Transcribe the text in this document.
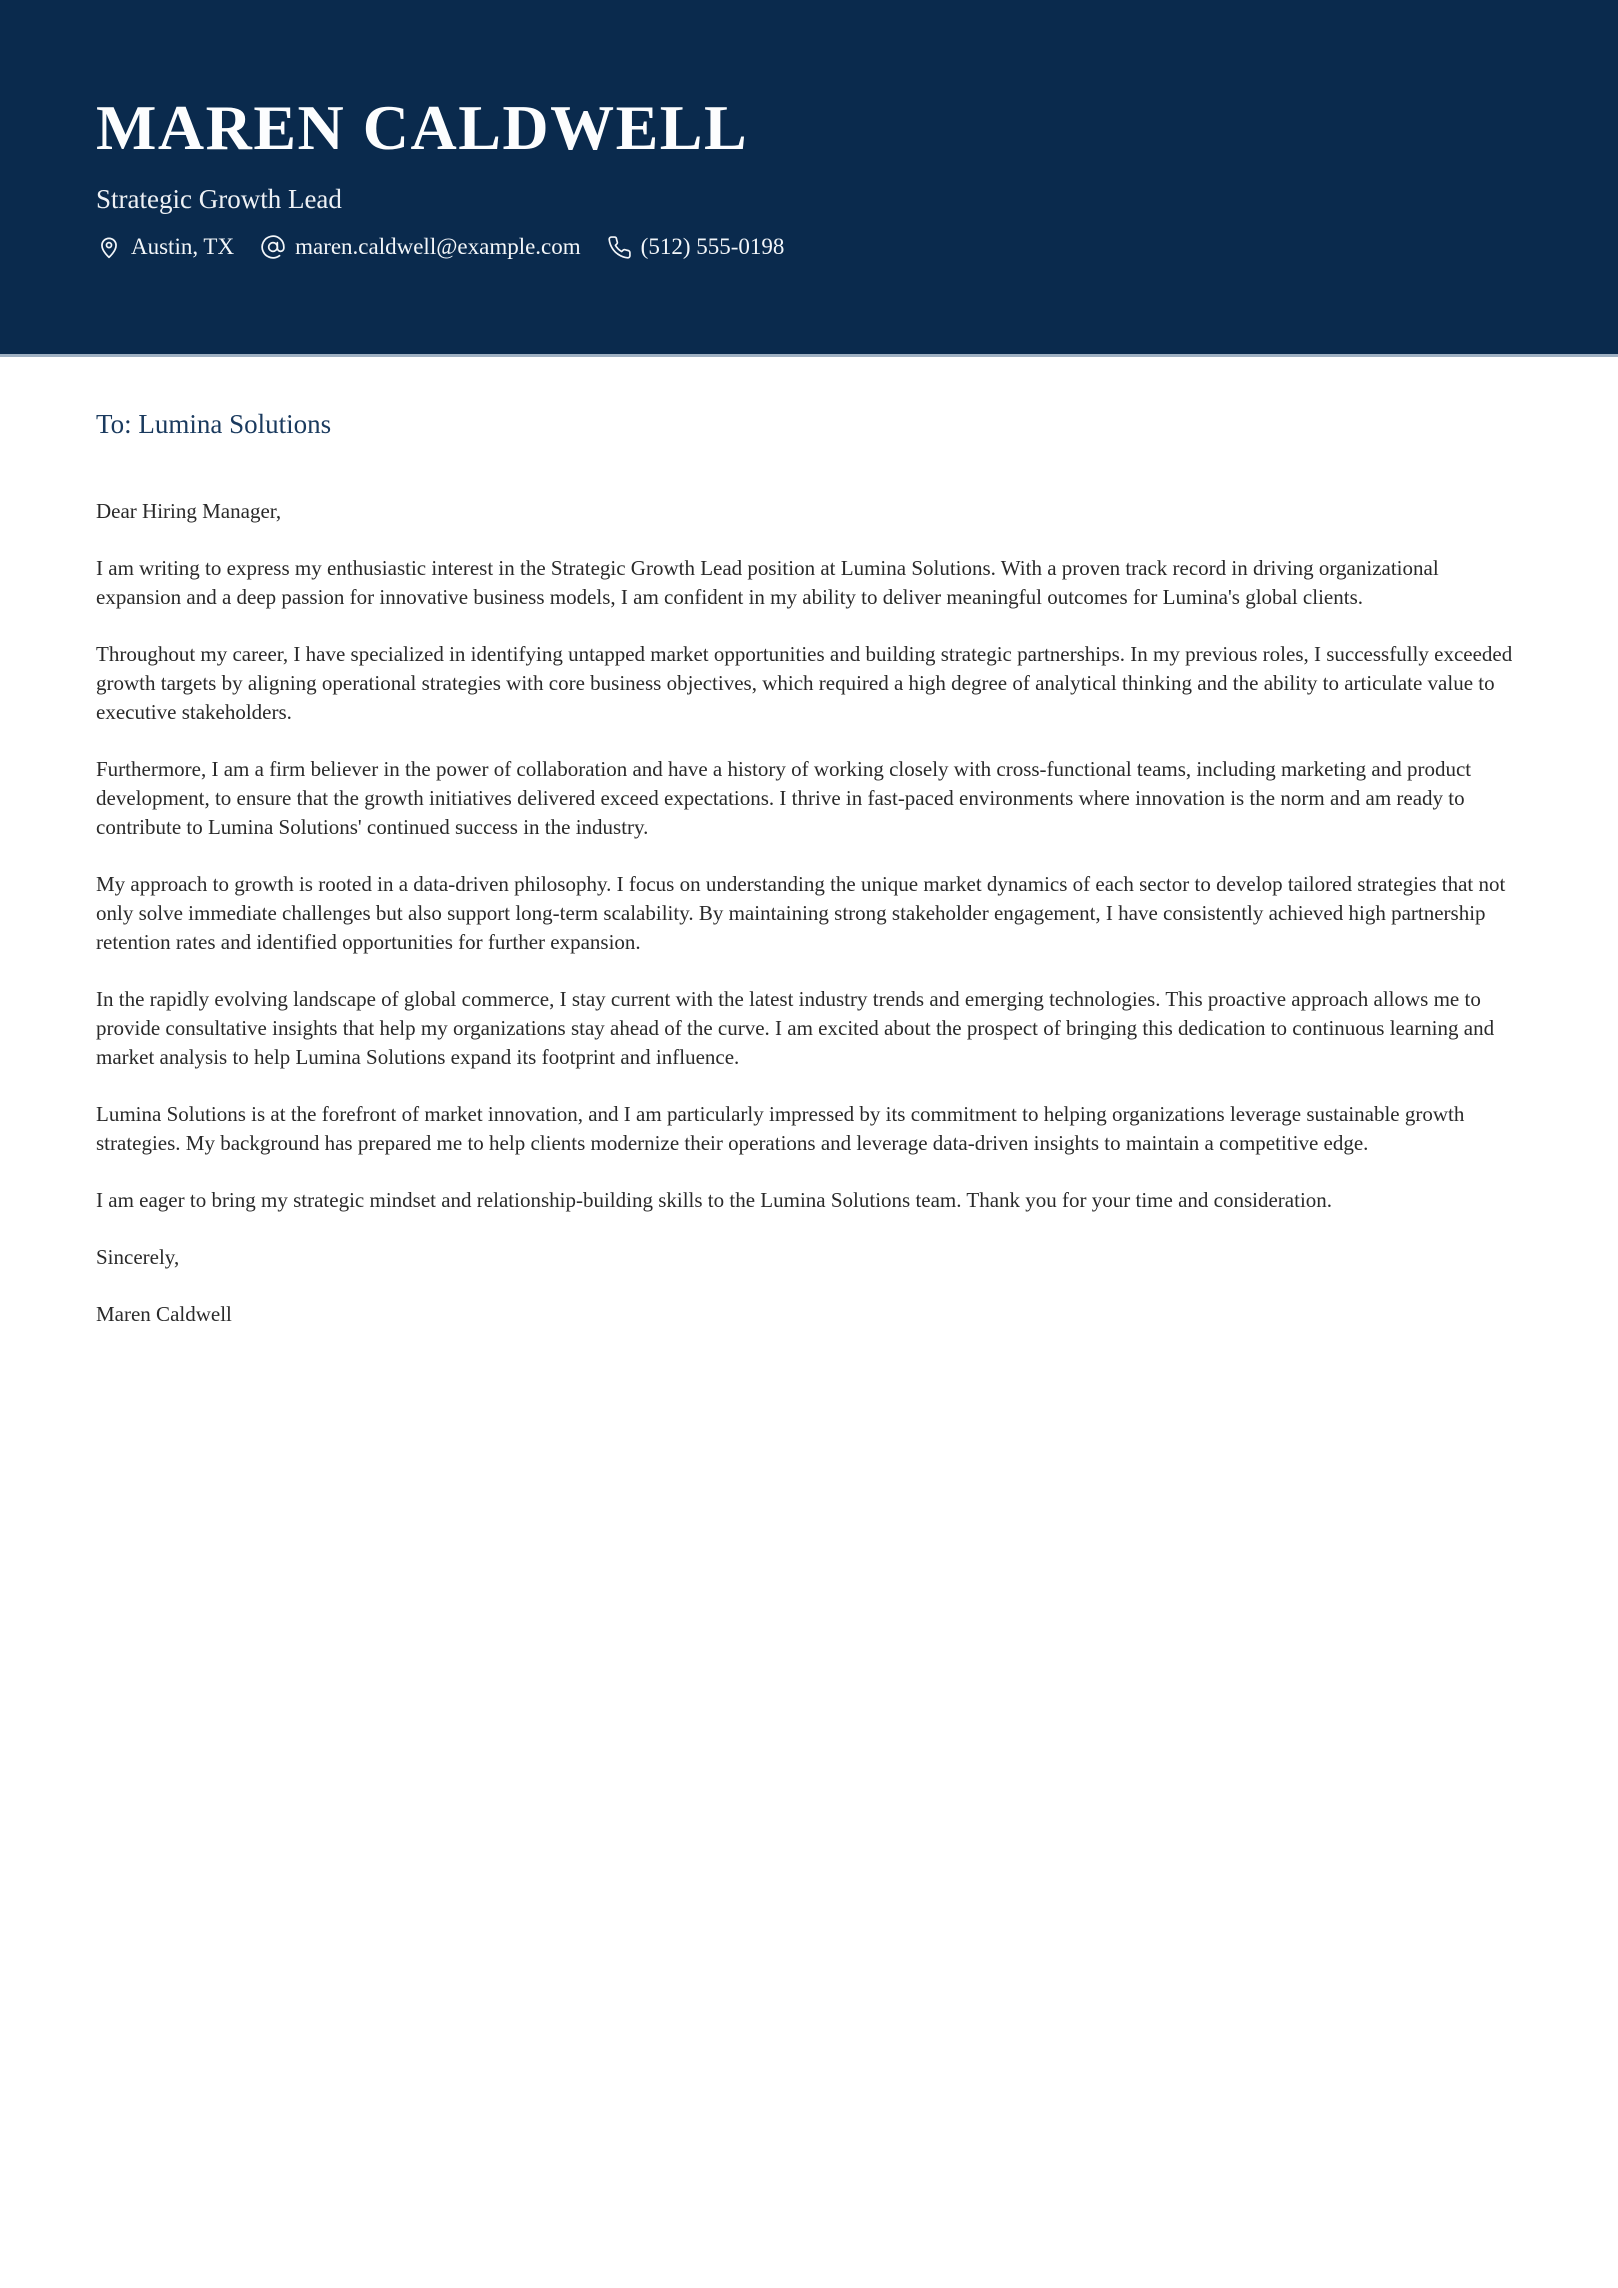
MAREN CALDWELL
Strategic Growth Lead
Austin, TX	maren.caldwell@example.com	(512) 555-0198
To: Lumina Solutions

Dear Hiring Manager,

I am writing to express my enthusiastic interest in the Strategic Growth Lead position at Lumina Solutions. With a proven track record in driving organizational expansion and a deep passion for innovative business models, I am confident in my ability to deliver meaningful outcomes for Lumina's global clients.

Throughout my career, I have specialized in identifying untapped market opportunities and building strategic partnerships. In my previous roles, I successfully exceeded growth targets by aligning operational strategies with core business objectives, which required a high degree of analytical thinking and the ability to articulate value to executive stakeholders.

Furthermore, I am a firm believer in the power of collaboration and have a history of working closely with cross-functional teams, including marketing and product development, to ensure that the growth initiatives delivered exceed expectations. I thrive in fast-paced environments where innovation is the norm and am ready to contribute to Lumina Solutions' continued success in the industry.

My approach to growth is rooted in a data-driven philosophy. I focus on understanding the unique market dynamics of each sector to develop tailored strategies that not only solve immediate challenges but also support long-term scalability. By maintaining strong stakeholder engagement, I have consistently achieved high partnership retention rates and identified opportunities for further expansion.

In the rapidly evolving landscape of global commerce, I stay current with the latest industry trends and emerging technologies. This proactive approach allows me to provide consultative insights that help my organizations stay ahead of the curve. I am excited about the prospect of bringing this dedication to continuous learning and market analysis to help Lumina Solutions expand its footprint and influence.

Lumina Solutions is at the forefront of market innovation, and I am particularly impressed by its commitment to helping organizations leverage sustainable growth strategies. My background has prepared me to help clients modernize their operations and leverage data-driven insights to maintain a competitive edge.

I am eager to bring my strategic mindset and relationship-building skills to the Lumina Solutions team. Thank you for your time and consideration.

Sincerely,

Maren Caldwell
